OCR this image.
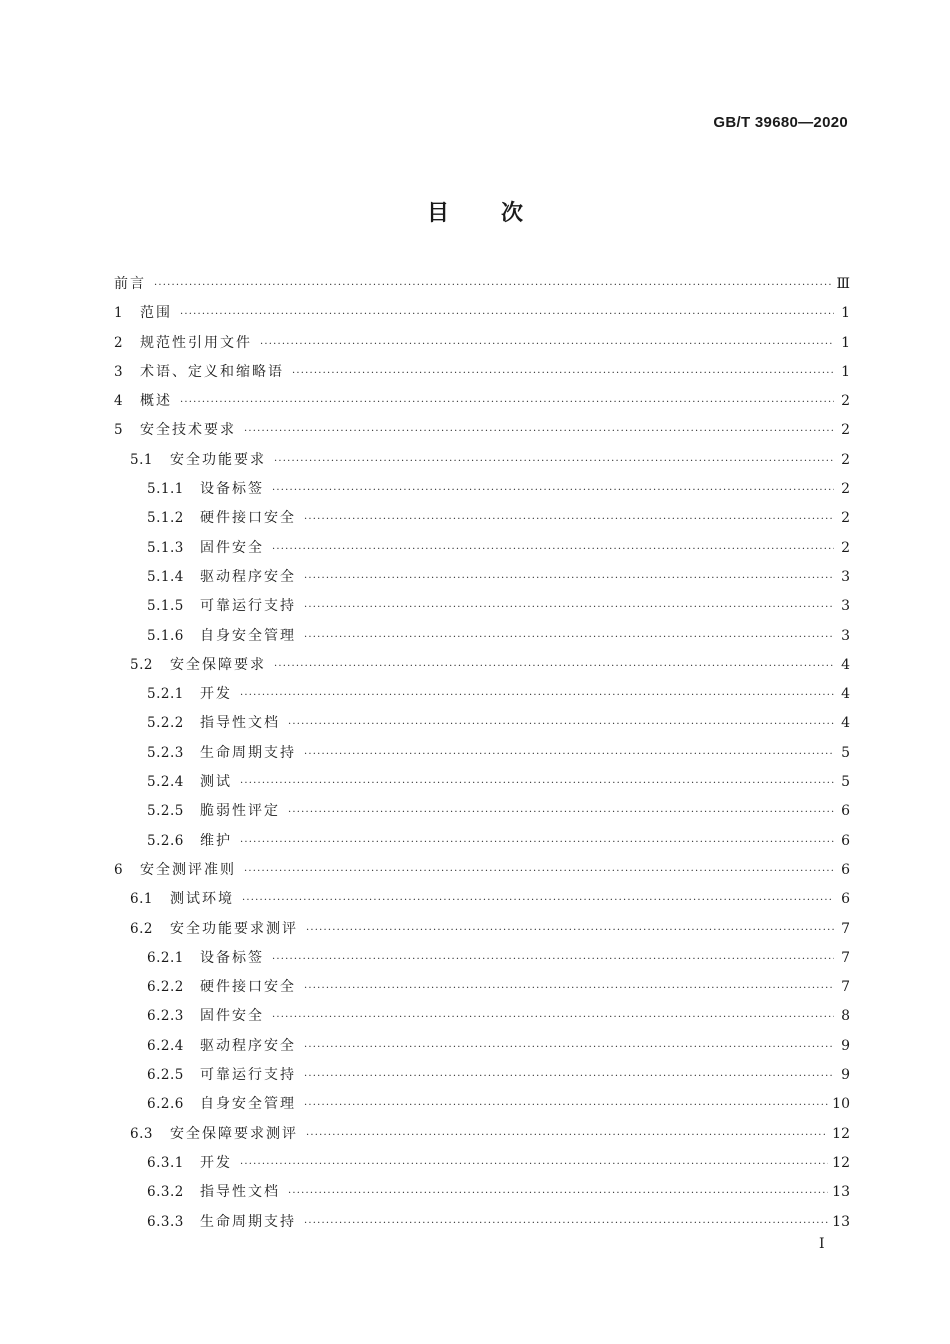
GB/T 39680—2020
目次
前言 ·····	Ⅲ
1	范围 ·····	1
2	规范性引用文件 ·····	1
3	术语、定义和缩略语 ·····	1
4	概述 ·····	2
5	安全技术要求 ·····	2
5.1	安全功能要求 ·····	2
5.1.1	设备标签 ·····	2
5.1.2	硬件接口安全 ·····	2
5.1.3	固件安全 ·····	2
5.1.4	驱动程序安全 ·····	3
5.1.5	可靠运行支持 ·····	3
5.1.6	自身安全管理 ·····	3
5.2	安全保障要求 ·····	4
5.2.1	开发 ·····	4
5.2.2	指导性文档 ·····	4
5.2.3	生命周期支持 ·····	5
5.2.4	测试 ·····	5
5.2.5	脆弱性评定 ·····	6
5.2.6	维护 ·····	6
6	安全测评准则 ·····	6
6.1	测试环境 ·····	6
6.2	安全功能要求测评 ·····	7
6.2.1	设备标签 ·····	7
6.2.2	硬件接口安全 ·····	7
6.2.3	固件安全 ·····	8
6.2.4	驱动程序安全 ·····	9
6.2.5	可靠运行支持 ·····	9
6.2.6	自身安全管理 ·····	10
6.3	安全保障要求测评 ·····	12
6.3.1	开发 ·····	12
6.3.2	指导性文档 ·····	13
6.3.3	生命周期支持 ·····	13
Ⅰ
